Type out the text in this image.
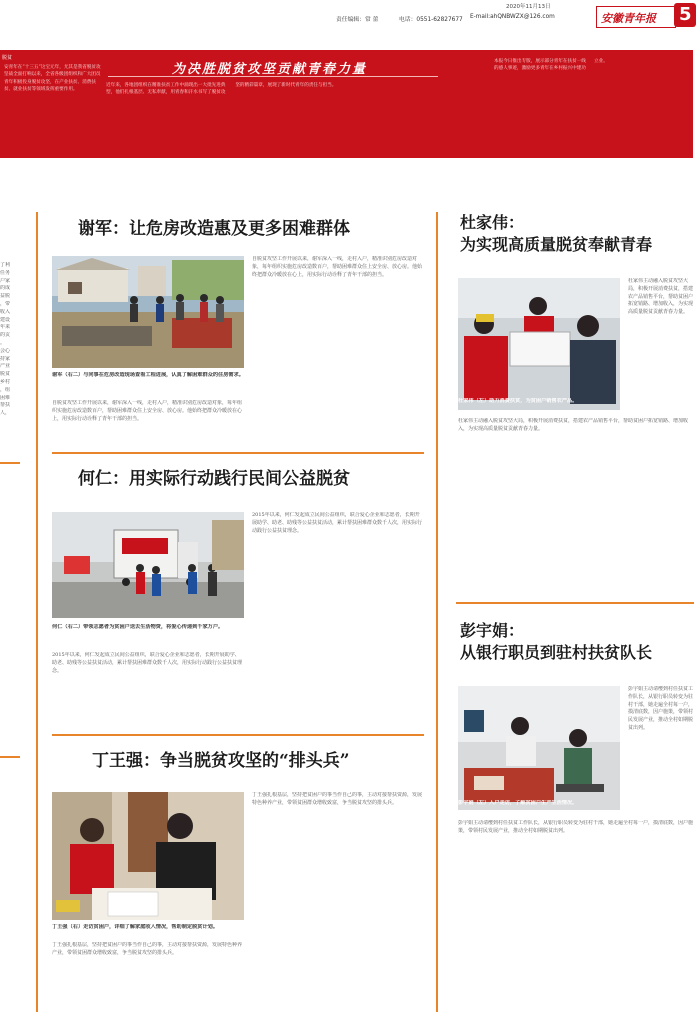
2020年11月13日
责任编辑：常 蕾	电话：0551-62827677 E-mail:ahQNBWZX@126.com	安徽青年报 5
脱贫
为决胜脱贫攻坚贡献青春力量
安青年在“十三五”这宝元年，尤其是我省脱贫攻坚战全面打响以来，全省各级团组织和广大团员青年积极投身脱贫攻坚，在产业扶贫、消费扶贫、就业扶贫等领域发挥重要作用。
近年来，各地团组织在精准扶贫工作中涌现出一大批先进典型，他们扎根基层、无私奉献，用青春和汗水书写了脱贫攻坚的精彩篇章，展现了新时代青年的责任与担当。
本报今日推出专版，展示部分青年在扶贫一线的感人事迹，激励更多青年在乡村振兴中建功立业。
了利
任务
户家
的成
益脱
，带
收入
建设
年来
的贡
。
会心
持家
产业
脱贫
乡村
，组
困难
帮扶
人，
谢军：让危房改造惠及更多困难群体
谢军（右二）与同事在危房改造现场查看工程进展，认真了解困难群众的住房需求。
自脱贫攻坚工作开展以来，谢军深入一线，走村入户，精准识别危房改造对象，每年组织实施危房改造数百户，帮助困难群众住上安全房、放心房。他始终把群众冷暖放在心上，用实际行动诠释了青年干部的担当。
自脱贫攻坚工作开展以来，谢军深入一线，走村入户，精准识别危房改造对象，每年组织实施危房改造数百户，帮助困难群众住上安全房、放心房。他始终把群众冷暖放在心上，用实际行动诠释了青年干部的担当。
何仁：用实际行动践行民间公益脱贫
何仁（右二）带领志愿者为贫困户送去生活物资，将爱心传递到千家万户。
2015年以来，何仁发起成立民间公益组织，联合爱心企业和志愿者，长期开展助学、助老、助残等公益扶贫活动，累计帮扶困难群众数千人次，用实际行动践行公益扶贫理念。
2015年以来，何仁发起成立民间公益组织，联合爱心企业和志愿者，长期开展助学、助老、助残等公益扶贫活动，累计帮扶困难群众数千人次，用实际行动践行公益扶贫理念。
丁王强：争当脱贫攻坚的“排头兵”
丁王强（右）走访贫困户，详细了解家庭收入情况，帮助制定脱贫计划。
丁王强扎根基层，坚持把贫困户的事当作自己的事，主动对接帮扶资源，发展特色种养产业，带领贫困群众增收致富，争当脱贫攻坚的排头兵。
丁王强扎根基层，坚持把贫困户的事当作自己的事，主动对接帮扶资源，发展特色种养产业，带领贫困群众增收致富，争当脱贫攻坚的排头兵。
杜家伟：
为实现高质量脱贫奉献青春
杜家伟（左）助力消费扶贫，为贫困户销售农产品。
杜家伟主动融入脱贫攻坚大局，积极开展消费扶贫，搭建农产品销售平台，帮助贫困户拓宽销路、增加收入，为实现高质量脱贫贡献青春力量。
杜家伟主动融入脱贫攻坚大局，积极开展消费扶贫，搭建农产品销售平台，帮助贫困户拓宽销路、增加收入，为实现高质量脱贫贡献青春力量。
彭宇娟：
从银行职员到驻村扶贫队长
彭宇娟（左）入户走访，了解贫困户生产生活情况。
彭宇娟主动请缨到村任扶贫工作队长，从银行职员转变为驻村干部，她走遍全村每一户，摸清底数，因户施策，带领村民发展产业，推动全村如期脱贫出列。
彭宇娟主动请缨到村任扶贫工作队长，从银行职员转变为驻村干部，她走遍全村每一户，摸清底数，因户施策，带领村民发展产业，推动全村如期脱贫出列。
